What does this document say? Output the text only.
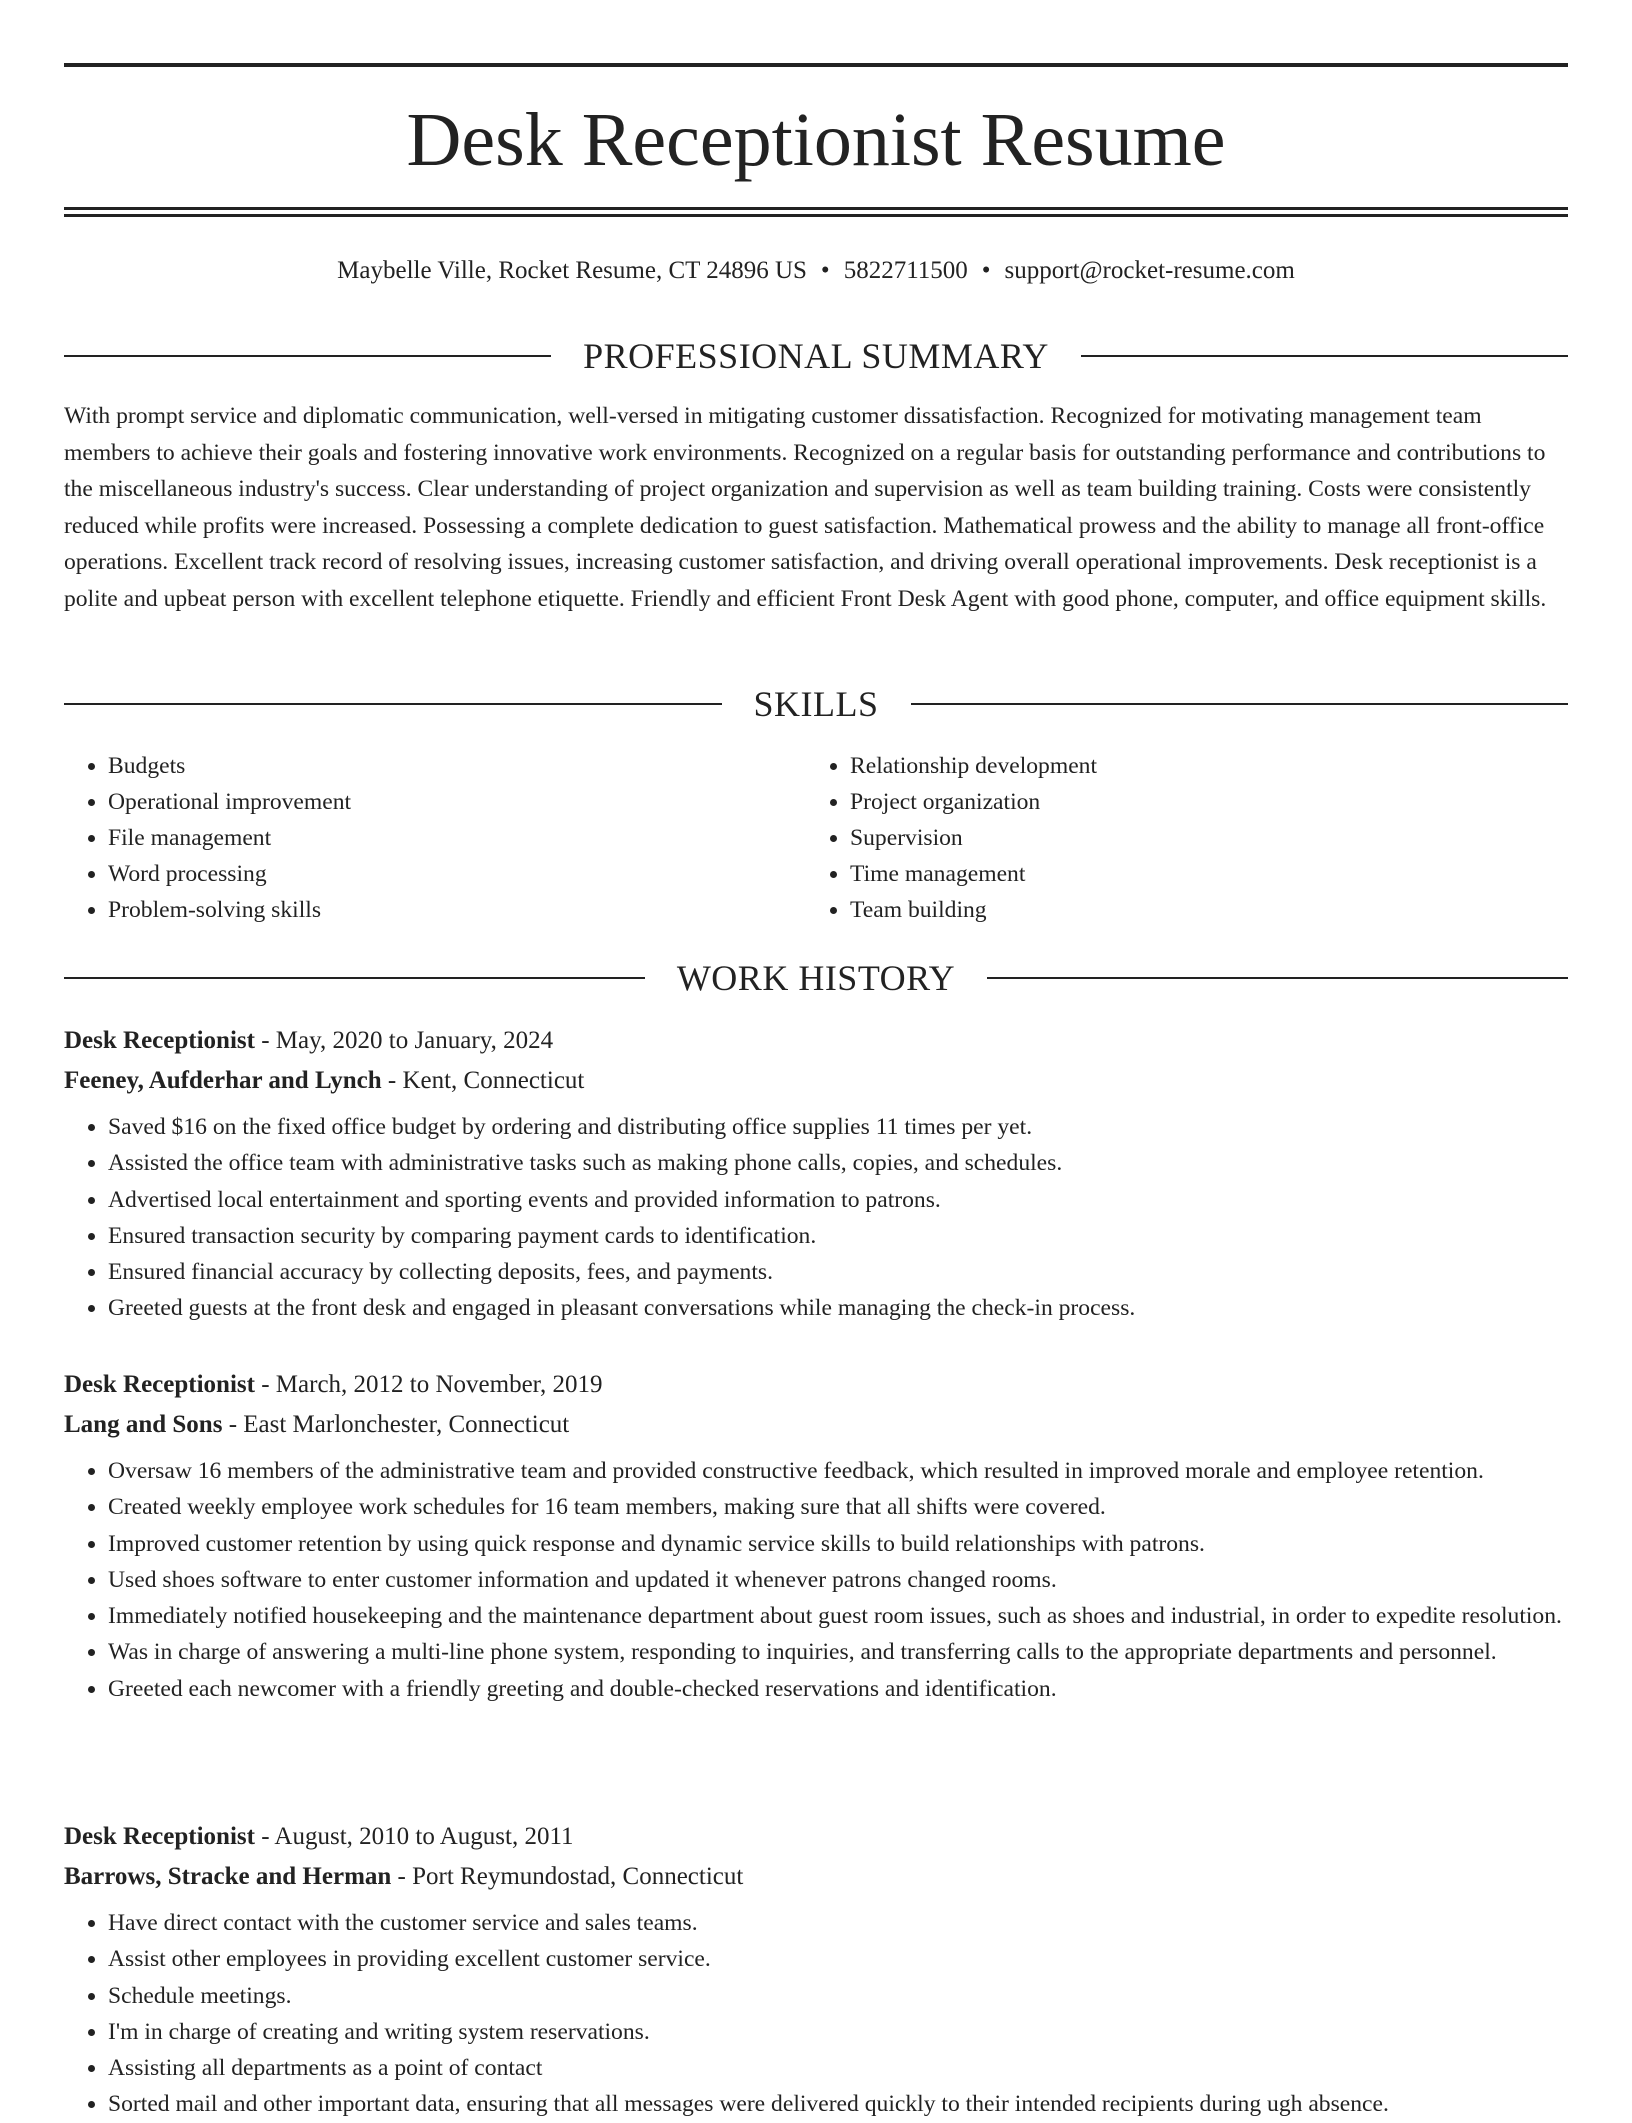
Desk Receptionist Resume
Maybelle Ville, Rocket Resume, CT 24896 US • 5822711500 • support@rocket-resume.com
PROFESSIONAL SUMMARY

With prompt service and diplomatic communication, well-versed in mitigating customer dissatisfaction. Recognized for motivating management team members to achieve their goals and fostering innovative work environments. Recognized on a regular basis for outstanding performance and contributions to the miscellaneous industry's success. Clear understanding of project organization and supervision as well as team building training. Costs were consistently reduced while profits were increased. Possessing a complete dedication to guest satisfaction. Mathematical prowess and the ability to manage all front-office operations. Excellent track record of resolving issues, increasing customer satisfaction, and driving overall operational improvements. Desk receptionist is a polite and upbeat person with excellent telephone etiquette. Friendly and efficient Front Desk Agent with good phone, computer, and office equipment skills.

SKILLS
• Budgets
• Operational improvement
• File management
• Word processing
• Problem-solving skills
• Relationship development
• Project organization
• Supervision
• Time management
• Team building
WORK HISTORY

Desk Receptionist - May, 2020 to January, 2024

Feeney, Aufderhar and Lynch - Kent, Connecticut

• Saved $16 on the fixed office budget by ordering and distributing office supplies 11 times per yet.
• Assisted the office team with administrative tasks such as making phone calls, copies, and schedules.
• Advertised local entertainment and sporting events and provided information to patrons.
• Ensured transaction security by comparing payment cards to identification.
• Ensured financial accuracy by collecting deposits, fees, and payments.
• Greeted guests at the front desk and engaged in pleasant conversations while managing the check-in process.

Desk Receptionist - March, 2012 to November, 2019

Lang and Sons - East Marlonchester, Connecticut

• Oversaw 16 members of the administrative team and provided constructive feedback, which resulted in improved morale and employee retention.
• Created weekly employee work schedules for 16 team members, making sure that all shifts were covered.
• Improved customer retention by using quick response and dynamic service skills to build relationships with patrons.
• Used shoes software to enter customer information and updated it whenever patrons changed rooms.
• Immediately notified housekeeping and the maintenance department about guest room issues, such as shoes and industrial, in order to expedite resolution.
• Was in charge of answering a multi-line phone system, responding to inquiries, and transferring calls to the appropriate departments and personnel.
• Greeted each newcomer with a friendly greeting and double-checked reservations and identification.

Desk Receptionist - August, 2010 to August, 2011

Barrows, Stracke and Herman - Port Reymundostad, Connecticut

• Have direct contact with the customer service and sales teams.
• Assist other employees in providing excellent customer service.
• Schedule meetings.
• I'm in charge of creating and writing system reservations.
• Assisting all departments as a point of contact
• Sorted mail and other important data, ensuring that all messages were delivered quickly to their intended recipients during ugh absence.
